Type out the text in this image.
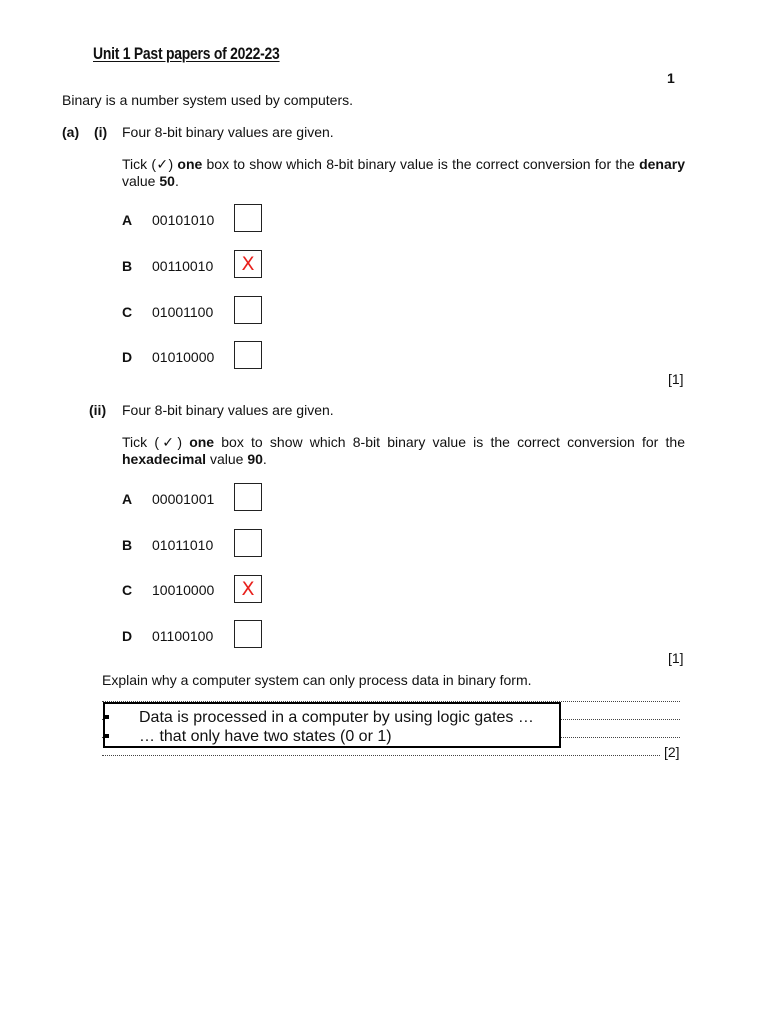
Unit 1 Past papers of 2022-23
1
Binary is a number system used by computers.
(a) (i) Four 8-bit binary values are given.
Tick (✓) one box to show which 8-bit binary value is the correct conversion for the denary value 50.
A 00101010
B 00110010 X
C 01001100
D 01010000
[1]
(ii) Four 8-bit binary values are given.
Tick (✓) one box to show which 8-bit binary value is the correct conversion for the hexadecimal value 90.
A 00001001
B 01011010
C 10010000 X
D 01100100
[1]
Explain why a computer system can only process data in binary form.
[2]
Data is processed in a computer by using logic gates …
… that only have two states (0 or 1)
